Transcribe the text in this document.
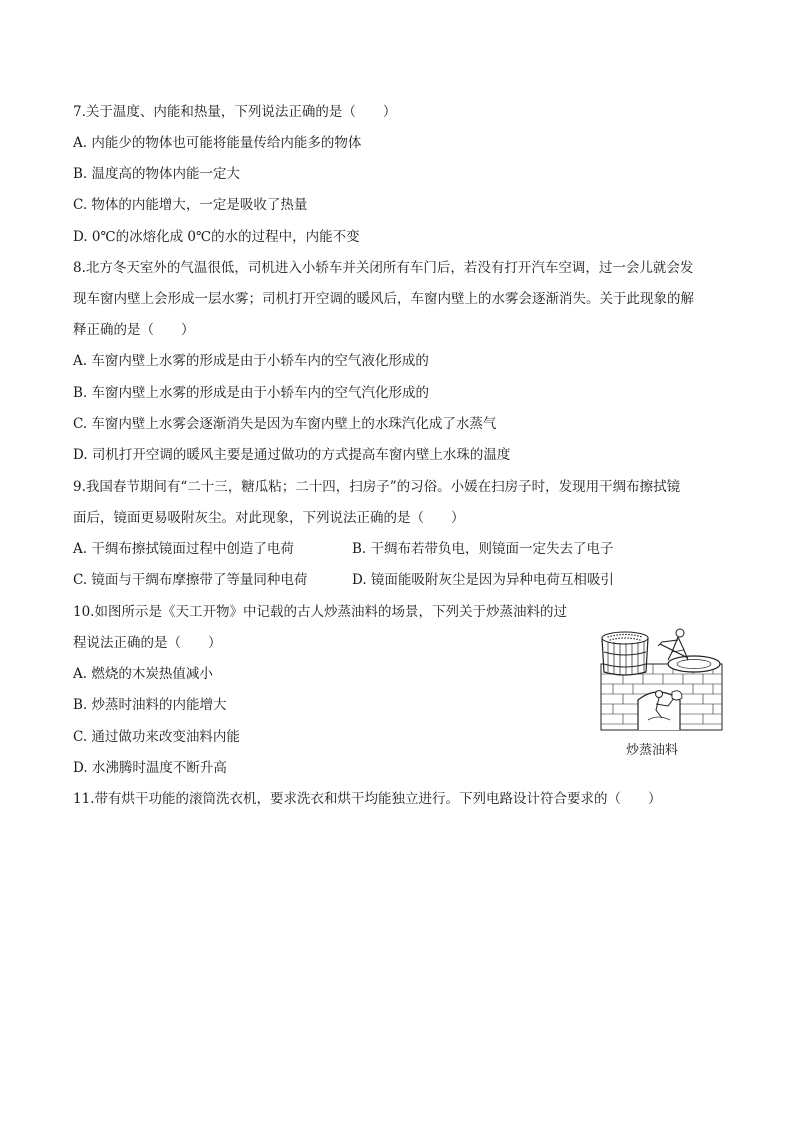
7.关于温度、内能和热量，下列说法正确的是（　　）
A. 内能少的物体也可能将能量传给内能多的物体
B. 温度高的物体内能一定大
C. 物体的内能增大，一定是吸收了热量
D. 0℃的冰熔化成 0℃的水的过程中，内能不变
8.北方冬天室外的气温很低，司机进入小轿车并关闭所有车门后，若没有打开汽车空调，过一会儿就会发
现车窗内壁上会形成一层水雾；司机打开空调的暖风后，车窗内壁上的水雾会逐渐消失。关于此现象的解
释正确的是（　　）
A. 车窗内壁上水雾的形成是由于小轿车内的空气液化形成的
B. 车窗内壁上水雾的形成是由于小轿车内的空气汽化形成的
C. 车窗内壁上水雾会逐渐消失是因为车窗内壁上的水珠汽化成了水蒸气
D. 司机打开空调的暖风主要是通过做功的方式提高车窗内壁上水珠的温度
9.我国春节期间有“二十三，糖瓜粘；二十四，扫房子”的习俗。小媛在扫房子时，发现用干绸布擦拭镜
面后，镜面更易吸附灰尘。对此现象，下列说法正确的是（　　）
A. 干绸布擦拭镜面过程中创造了电荷	B. 干绸布若带负电，则镜面一定失去了电子
C. 镜面与干绸布摩擦带了等量同种电荷	D. 镜面能吸附灰尘是因为异种电荷互相吸引
10.如图所示是《天工开物》中记载的古人炒蒸油料的场景，下列关于炒蒸油料的过
程说法正确的是（　　）
A. 燃烧的木炭热值减小
B. 炒蒸时油料的内能增大
C. 通过做功来改变油料内能
D. 水沸腾时温度不断升高
炒蒸油料
11.带有烘干功能的滚筒洗衣机，要求洗衣和烘干均能独立进行。下列电路设计符合要求的（　　）
